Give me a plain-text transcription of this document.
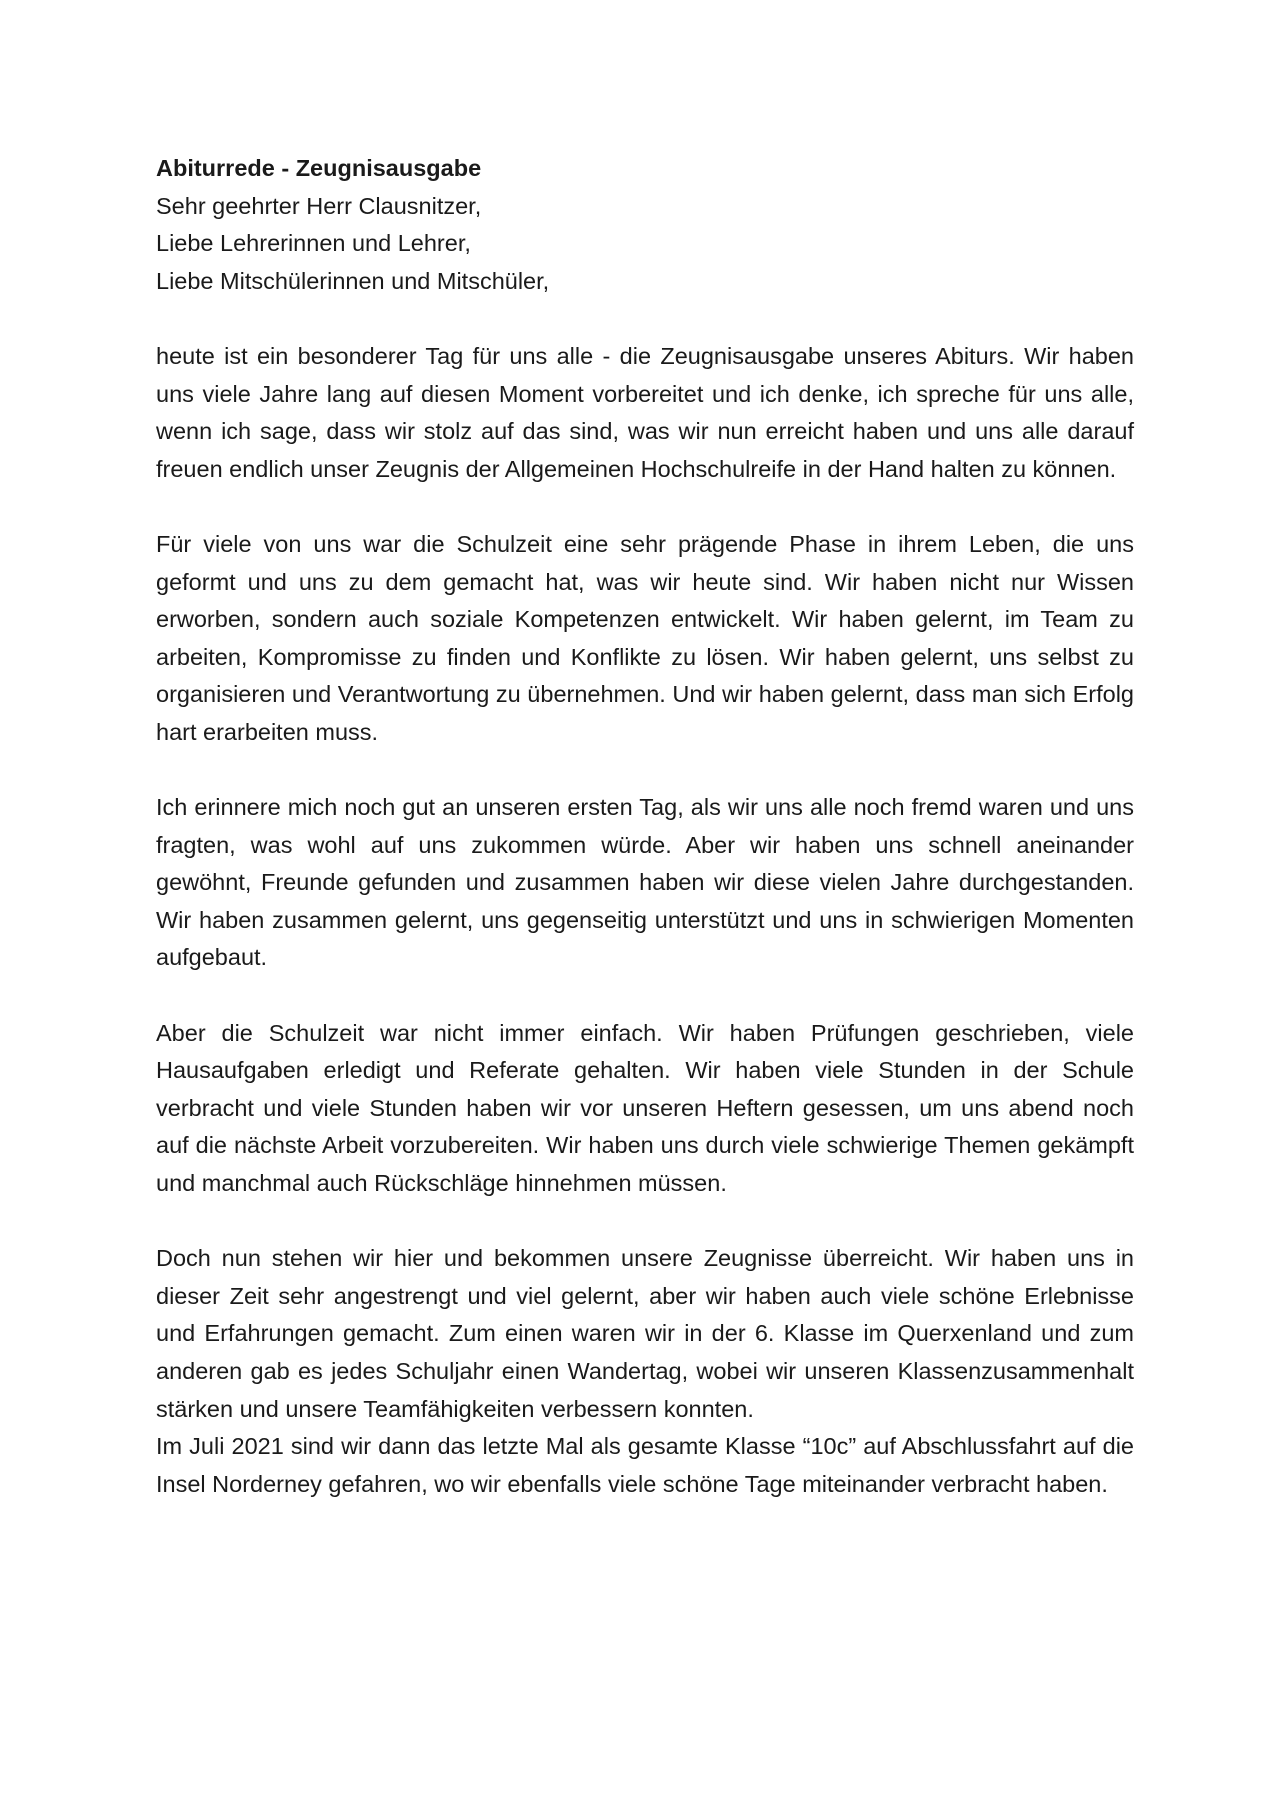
Abiturrede - Zeugnisausgabe

Sehr geehrter Herr Clausnitzer,

Liebe Lehrerinnen und Lehrer,

Liebe Mitschülerinnen und Mitschüler,

heute ist ein besonderer Tag für uns alle - die Zeugnisausgabe unseres Abiturs. Wir haben uns viele Jahre lang auf diesen Moment vorbereitet und ich denke, ich spreche für uns alle, wenn ich sage, dass wir stolz auf das sind, was wir nun erreicht haben und uns alle darauf freuen endlich unser Zeugnis der Allgemeinen Hochschulreife in der Hand halten zu können.

Für viele von uns war die Schulzeit eine sehr prägende Phase in ihrem Leben, die uns geformt und uns zu dem gemacht hat, was wir heute sind. Wir haben nicht nur Wissen erworben, sondern auch soziale Kompetenzen entwickelt. Wir haben gelernt, im Team zu arbeiten, Kompromisse zu finden und Konflikte zu lösen. Wir haben gelernt, uns selbst zu organisieren und Verantwortung zu übernehmen. Und wir haben gelernt, dass man sich Erfolg hart erarbeiten muss.

Ich erinnere mich noch gut an unseren ersten Tag, als wir uns alle noch fremd waren und uns fragten, was wohl auf uns zukommen würde. Aber wir haben uns schnell aneinander gewöhnt, Freunde gefunden und zusammen haben wir diese vielen Jahre durchgestanden. Wir haben zusammen gelernt, uns gegenseitig unterstützt und uns in schwierigen Momenten aufgebaut.

Aber die Schulzeit war nicht immer einfach. Wir haben Prüfungen geschrieben, viele Hausaufgaben erledigt und Referate gehalten. Wir haben viele Stunden in der Schule verbracht und viele Stunden haben wir vor unseren Heftern gesessen, um uns abend noch auf die nächste Arbeit vorzubereiten. Wir haben uns durch viele schwierige Themen gekämpft und manchmal auch Rückschläge hinnehmen müssen.

Doch nun stehen wir hier und bekommen unsere Zeugnisse überreicht. Wir haben uns in dieser Zeit sehr angestrengt und viel gelernt, aber wir haben auch viele schöne Erlebnisse und Erfahrungen gemacht. Zum einen waren wir in der 6. Klasse im Querxenland und zum anderen gab es jedes Schuljahr einen Wandertag, wobei wir unseren Klassenzusammenhalt stärken und unsere Teamfähigkeiten verbessern konnten.

Im Juli 2021 sind wir dann das letzte Mal als gesamte Klasse “10c” auf Abschlussfahrt auf die Insel Norderney gefahren, wo wir ebenfalls viele schöne Tage miteinander verbracht haben.
